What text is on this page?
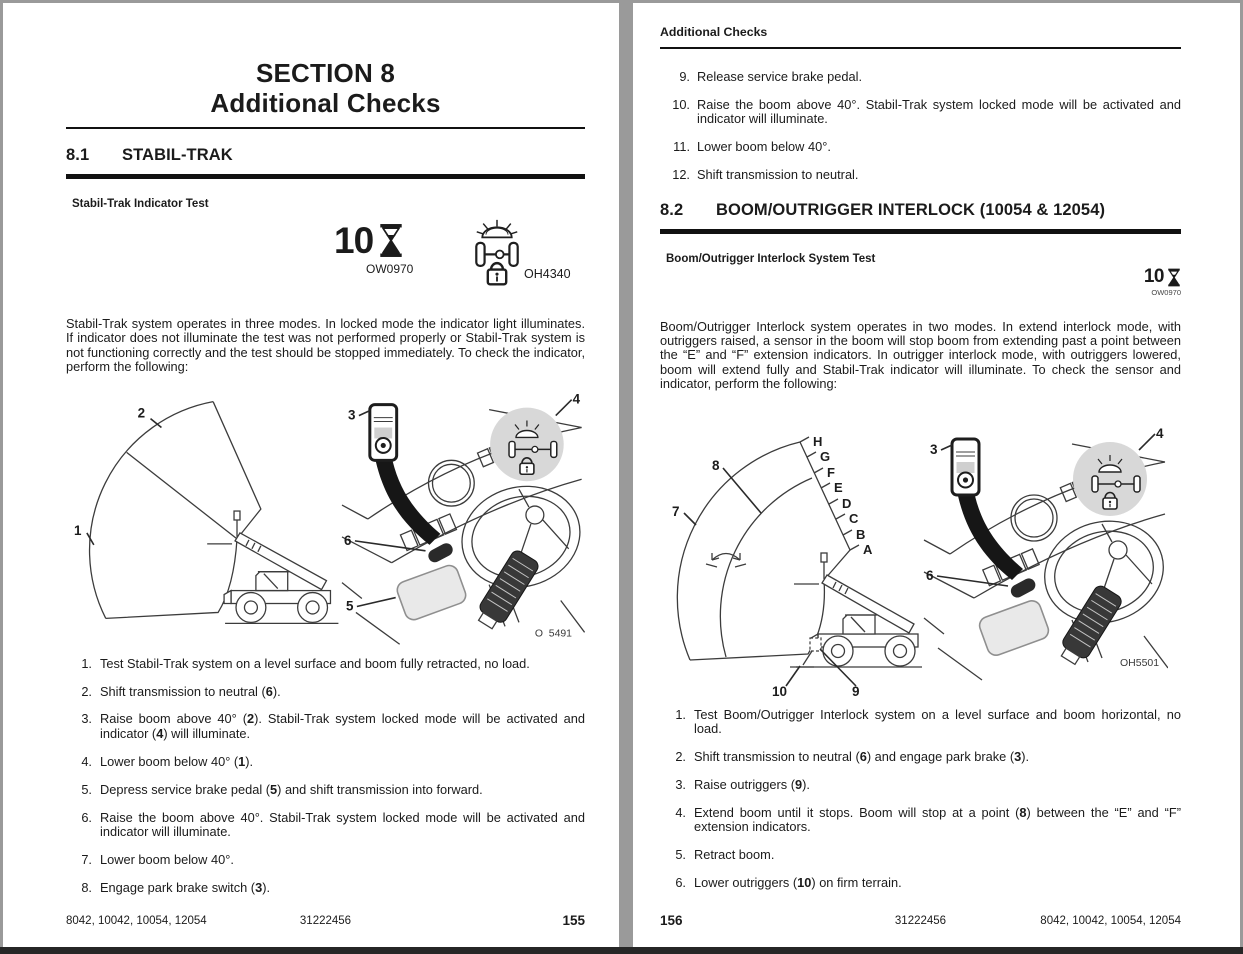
SECTION 8
Additional Checks
8.1	STABIL-TRAK
Stabil-Trak Indicator Test
10
OW0970	OH4340

Stabil-Trak system operates in three modes. In locked mode the indicator light illuminates. If indicator does not illuminate the test was not performed properly or Stabil-Trak system is not functioning correctly and the test should be stopped immediately. To check the indicator, perform the following:

1
2	3
4
5
6
O  5491
1. Test Stabil-Trak system on a level surface and boom fully retracted, no load.
2. Shift transmission to neutral (6).
3. Raise boom above 40° (2). Stabil-Trak system locked mode will be activated and indicator (4) will illuminate.
4. Lower boom below 40° (1).
5. Depress service brake pedal (5) and shift transmission into forward.
6. Raise the boom above 40°. Stabil-Trak system locked mode will be activated and indicator will illuminate.
7. Lower boom below 40°.
8. Engage park brake switch (3).
8042, 10042, 10054, 12054	31222456	155
Additional Checks
9. Release service brake pedal.
10. Raise the boom above 40°. Stabil-Trak system locked mode will be activated and indicator will illuminate.
11. Lower boom below 40°.
12. Shift transmission to neutral.
8.2	BOOM/OUTRIGGER INTERLOCK (10054 & 12054)
Boom/Outrigger Interlock System Test
10
OW0970

Boom/Outrigger Interlock system operates in two modes. In extend interlock mode, with outriggers raised, a sensor in the boom will stop boom from extending past a point between the “E” and “F” extension indicators. In outrigger interlock mode, with outriggers lowered, boom will extend fully and Stabil-Trak indicator will illuminate. To check the sensor and indicator, perform the following:

H
G
F
E
D
C
B
A
7
8
9
10
3
4
6
OH5501
1. Test Boom/Outrigger Interlock system on a level surface and boom horizontal, no load.
2. Shift transmission to neutral (6) and engage park brake (3).
3. Raise outriggers (9).
4. Extend boom until it stops. Boom will stop at a point (8) between the “E” and “F” extension indicators.
5. Retract boom.
6. Lower outriggers (10) on firm terrain.
156	31222456	8042, 10042, 10054, 12054
